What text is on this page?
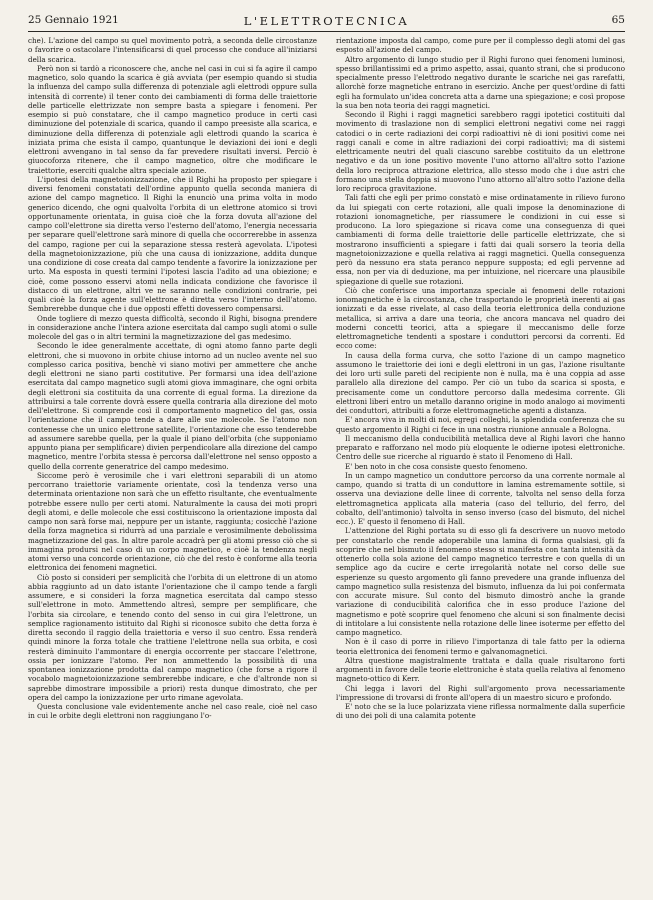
25 Gennaio 1921	L'ELETTROTECNICA	65

che). L'azione del campo su quel movimento potrà, a seconda delle circostanze o favorire o ostacolare l'intensificarsi di quel processo che conduce all'iniziarsi della scarica.

Però non si tardò a riconoscere che, anche nel casi in cui si fa agire il campo magnetico, solo quando la scarica è già avviata (per esempio quando si studia la influenza del campo sulla differenza di potenziale agli elettrodi oppure sulla intensità di corrente) il tener conto dei cambiamenti di forma delle traiettorie delle particelle elettrizzate non sempre basta a spiegare i fenomeni. Per esempio si può constatare, che il campo magnetico produce in certi casi diminuzione del potenziale di scarica, quando il campo preesiste alla scarica, e diminuzione della differenza di potenziale agli elettrodi quando la scarica è iniziata prima che esista il campo, quantunque le deviazioni dei ioni e degli elettroni avvengano in tal senso da far prevedere risultati inversi. Perciò è giuocoforza ritenere, che il campo magnetico, oltre che modificare le traiettorie, eserciti qualche altra speciale azione.

L'ipotesi della magnetoionizzazione, che il Righi ha proposto per spiegare i diversi fenomeni constatati dell'ordine appunto quella seconda maniera di azione del campo magnetico. Il Righi la enunciò una prima volta in modo generico dicendo, che ogni qualvolta l'orbita di un elettrone atomico si trovi opportunamente orientata, in guisa cioè che la forza dovuta all'azione del campo coll'elettrone sia diretta verso l'esterno dell'atomo, l'energia necessaria per separare quell'elettrone sarà minore di quella che occorrerebbe in assenza del campo, ragione per cui la separazione stessa resterà agevolata. L'ipotesi della magnetoionizzazione, più che una causa di ionizzazione, addita dunque una condizione di cose creata dal campo tendente a favorire la ionizzazione per urto. Ma esposta in questi termini l'ipotesi lascia l'adito ad una obiezione; e cioè, come possono esservi atomi nella indicata condizione che favorisce il distacco di un elettrone, altri ve ne saranno nelle condizioni contrarie, pei quali cioè la forza agente sull'elettrone è diretta verso l'interno dell'atomo. Sembrerebbe dunque che i due opposti effetti dovessero compensarsi.

Onde togliere di mezzo questa difficoltà, secondo il Righi, bisogna prendere in considerazione anche l'intera azione esercitata dal campo sugli atomi o sulle molecole del gas o in altri termini la magnetizzazione del gas medesimo.

Secondo le idee generalmente accettate, di ogni atomo fanno parte degli elettroni, che si muovono in orbite chiuse intorno ad un nucleo avente nel suo complesso carica positiva, benchè vi siano motivi per ammettere che anche degli elettroni ne siano parti costitutive. Per formarsi una idea dell'azione esercitata dal campo magnetico sugli atomi giova immaginare, che ogni orbita degli elettroni sia costituita da una corrente di egual forma. La direzione da attribuirsi a tale corrente dovrà essere quella contraria alla direzione del moto dell'elettrone. Si comprende così il comportamento magnetico del gas, ossia l'orientazione che il campo tende a dare alle sue molecole. Se l'atomo non contenesse che un unico elettrone satellite, l'orientazione che esso tenderebbe ad assumere sarebbe quella, per la quale il piano dell'orbita (che supponiamo appunto piana per semplificare) divien perpendicolare alla direzione del campo magnetico, mentre l'orbita stessa è percorsa dall'elettrone nel senso opposto a quello della corrente generatrice del campo medesimo.

Siccome però è verosimile che i vari elettroni separabili di un atomo percorrano traiettorie variamente orientate, così la tendenza verso una determinata orientazione non sarà che un effetto risultante, che eventualmente potrebbe essere nullo per certi atomi. Naturalmente la causa dei moti propri degli atomi, e delle molecole che essi costituiscono la orientazione imposta dal campo non sarà forse mai, neppure per un istante, raggiunta; cosicchè l'azione della forza magnetica si ridurrà ad una parziale e verosimilmente debolissima magnetizzazione del gas. In altre parole accadrà per gli atomi presso ciò che si immagina prodursi nel caso di un corpo magnetico, e cioè la tendenza negli atomi verso una concorde orientazione, ciò che del resto è conforme alla teoria elettronica dei fenomeni magnetici.

Ciò posto si consideri per semplicità che l'orbita di un elettrone di un atomo abbia raggiunto ad un dato istante l'orientazione che il campo tende a fargli assumere, e si consideri la forza magnetica esercitata dal campo stesso sull'elettrone in moto. Ammettendo altresì, sempre per semplificare, che l'orbita sia circolare, e tenendo conto del senso in cui gira l'elettrone, un semplice ragionamento istituito dal Righi si riconosce subito che detta forza è diretta secondo il raggio della traiettoria e verso il suo centro. Essa renderà quindi minore la forza totale che trattiene l'elettrone nella sua orbita, e così resterà diminuito l'ammontare di energia occorrente per staccare l'elettrone, ossia per ionizzare l'atomo. Per non ammettendo la possibilità di una spontanea ionizzazione prodotta dal campo magnetico (che forse a rigore il vocabolo magnetoionizzazione sembrerebbe indicare, e che d'altronde non si saprebbe dimostrare impossibile a priori) resta dunque dimostrato, che per opera del campo la ionizzazione per urto rimane agevolata.

Questa conclusione vale evidentemente anche nel caso reale, cioè nel caso in cui le orbite degli elettroni non raggiungano l'o-

rientazione imposta dal campo, come pure per il complesso degli atomi del gas esposto all'azione del campo.

Altro argomento di lungo studio per il Righi furono quei fenomeni luminosi, spesso brillantissimi ed a primo aspetto, assai, quanto strani, che si producono specialmente presso l'elettrodo negativo durante le scariche nei gas rarefatti, allorchè forze magnetiche entrano in esercizio. Anche per quest'ordine di fatti egli ha formulato un'idea concreta atta a darne una spiegazione; e così propose la sua ben nota teoria dei raggi magnetici.

Secondo il Righi i raggi magnetici sarebbero raggi ipotetici costituiti dal movimento di traslazione non di semplici elettroni negativi come nei raggi catodici o in certe radiazioni dei corpi radioattivi nè di ioni positivi come nei raggi canali e come in altre radiazioni dei corpi radioattivi; ma di sistemi elettricamente neutri del quali ciascuno sarebbe costituito da un elettrone negativo e da un ione positivo movente l'uno attorno all'altro sotto l'azione della loro reciproca attrazione elettrica, allo stesso modo che i due astri che formano una stella doppia si muovono l'uno attorno all'altro sotto l'azione della loro reciproca gravitazione.

Tali fatti che egli per primo constatò e mise ordinatamente in rilievo furono da lui spiegati con certe rotazioni, alle quali impose la denominazione di rotazioni ionomagnetiche, per riassumere le condizioni in cui esse si producono. La loro spiegazione si ricava come una conseguenza di quei cambiamenti di forma delle traiettorie delle particelle elettrizzate, che si mostrarono insufficienti a spiegare i fatti dai quali sorsero la teoria della magnetoionizzazione e quella relativa ai raggi magnetici. Quella conseguenza però da nessuno era stata peranco neppure supposta; ed egli pervenne ad essa, non per via di deduzione, ma per intuizione, nel ricercare una plausibile spiegazione di quelle sue rotazioni.

Ciò che conferisce una importanza speciale ai fenomeni delle rotazioni ionomagnetiche è la circostanza, che trasportando le proprietà inerenti ai gas ionizzati e da esse rivelate, al caso della teoria elettronica della conduzione metallica, si arriva a dare una teoria, che ancora mancava nel quadro dei moderni concetti teorici, atta a spiegare il meccanismo delle forze elettromagnetiche tendenti a spostare i conduttori percorsi da correnti. Ed ecco come:

In causa della forma curva, che sotto l'azione di un campo magnetico assumono le traiettorie dei ioni e degli elettroni in un gas, l'azione risultante dei loro urti sulle pareti del recipiente non è nulla, ma è una coppia ad asse parallelo alla direzione del campo. Per ciò un tubo da scarica si sposta, e precisamente come un conduttore percorso dalla medesima corrente. Gli elettroni liberi entro un metallo daranno origine in modo analogo ai movimenti dei conduttori, attribuiti a forze elettromagnetiche agenti a distanza.

E' ancora viva in molti di noi, egregi colleghi, la splendida conferenza che su questo argomento il Righi ci fece in una nostra riunione annuale a Bologna.

Il meccanismo della conducibilità metallica deve al Righi lavori che hanno preparato e rafforzano nel modo più eloquente le odierne ipotesi elettroniche. Centro delle sue ricerche al riguardo è stato il Fenomeno di Hall.

E' ben noto in che cosa consiste questo fenomeno.

In un campo magnetico un conduttore percorso da una corrente normale al campo, quando si tratta di un conduttore in lamina estremamente sottile, si osserva una deviazione delle linee di corrente, talvolta nel senso della forza elettromagnetica applicata alla materia (caso del tellurio, del ferro, del cobalto, dell'antimonio) talvolta in senso inverso (caso del bismuto, del nichel ecc.). E' questo il fenomeno di Hall.

L'attenzione del Righi portata su di esso gli fa descrivere un nuovo metodo per constatarlo che rende adoperabile una lamina di forma qualsiasi, gli fa scoprire che nel bismuto il fenomeno stesso si manifesta con tanta intensità da ottenerlo colla sola azione del campo magnetico terrestre e con quella di un semplice ago da cucire e certe irregolarità notate nel corso delle sue esperienze su questo argomento gli fanno prevedere una grande influenza del campo magnetico sulla resistenza del bismuto, influenza da lui poi confermata con accurate misure. Sul conto del bismuto dimostrò anche la grande variazione di conducibilità calorifica che in esso produce l'azione del magnetismo e potè scoprire quel fenomeno che alcuni si son finalmente decisi di intitolare a lui consistente nella rotazione delle linee isoterme per effetto del campo magnetico.

Non è il caso di porre in rilievo l'importanza di tale fatto per la odierna teoria elettronica dei fenomeni termo e galvanomagnetici.

Altra questione magistralmente trattata e dalla quale risultarono forti argomenti in favore delle teorie elettroniche è stata quella relativa al fenomeno magneto-ottico di Kerr.

Chi legga i lavori del Righi sull'argomento prova necessariamente l'impressione di trovarsi di fronte all'opera di un maestro sicuro e profondo.

E' noto che se la luce polarizzata viene riflessa normalmente dalla superficie di uno dei poli di una calamita potente
